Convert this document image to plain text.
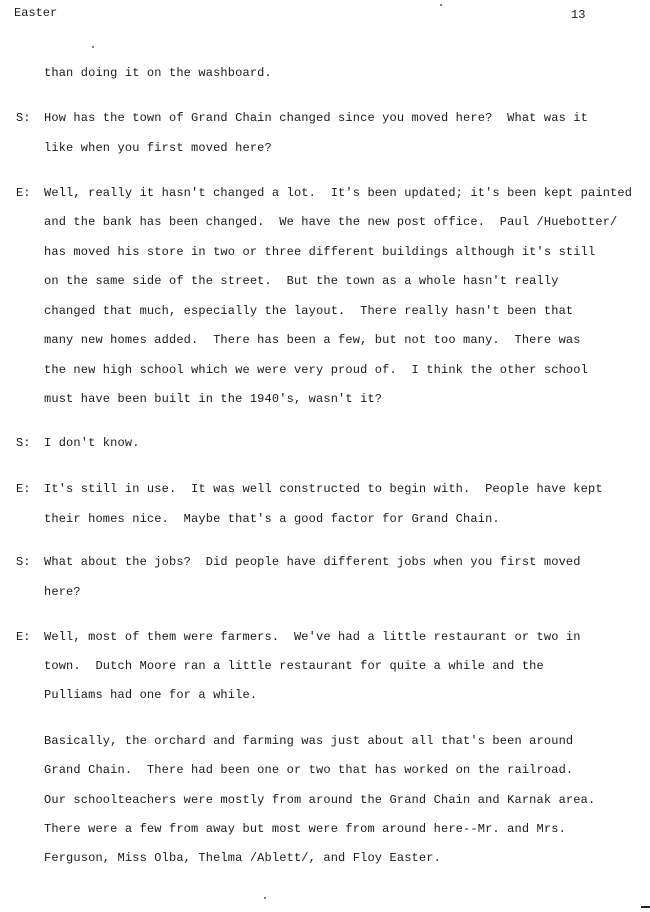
Easter	13
than doing it on the washboard.
S: How has the town of Grand Chain changed since you moved here?  What was it
like when you first moved here?
E: Well, really it hasn't changed a lot.  It's been updated; it's been kept painted
and the bank has been changed.  We have the new post office.  Paul /Huebotter/
has moved his store in two or three different buildings although it's still
on the same side of the street.  But the town as a whole hasn't really
changed that much, especially the layout.  There really hasn't been that
many new homes added.  There has been a few, but not too many.  There was
the new high school which we were very proud of.  I think the other school
must have been built in the 1940's, wasn't it?
S: I don't know.
E: It's still in use.  It was well constructed to begin with.  People have kept
their homes nice.  Maybe that's a good factor for Grand Chain.
S: What about the jobs?  Did people have different jobs when you first moved
here?
E: Well, most of them were farmers.  We've had a little restaurant or two in
town.  Dutch Moore ran a little restaurant for quite a while and the
Pulliams had one for a while.
Basically, the orchard and farming was just about all that's been around
Grand Chain.  There had been one or two that has worked on the railroad.
Our schoolteachers were mostly from around the Grand Chain and Karnak area.
There were a few from away but most were from around here--Mr. and Mrs.
Ferguson, Miss Olba, Thelma /Ablett/, and Floy Easter.
